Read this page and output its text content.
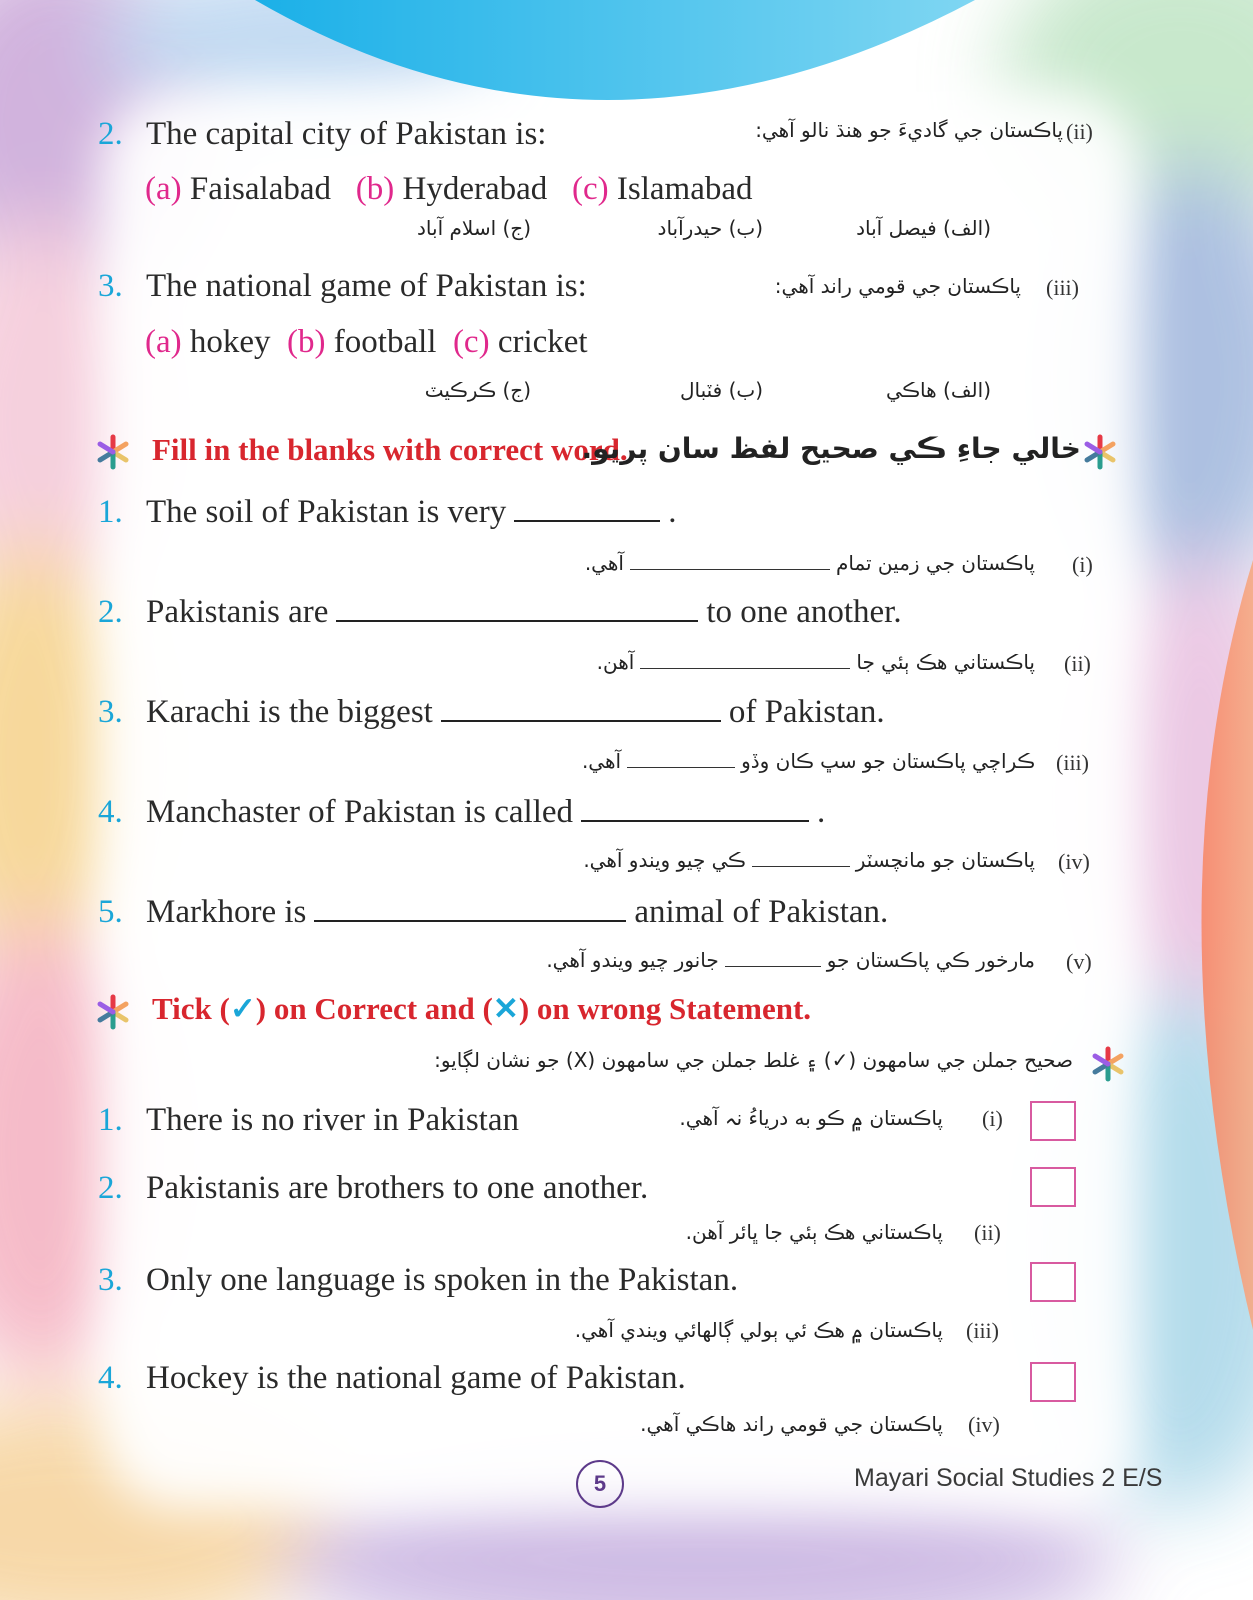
2. The capital city of Pakistan is:	پاڪستان جي گاديءَ جو هنڌ نالو آهي: (ii)
(a) Faisalabad (b) Hyderabad (c) Islamabad
(الف) فيصل آباد
(ب) حيدرآباد
(ج) اسلام آباد
3. The national game of Pakistan is:	پاڪستان جي قومي راند آهي: (iii)
(a) hokey (b) football (c) cricket
(الف) هاڪي
(ب) فٽبال
(ج) ڪرڪيٽ
Fill in the blanks with correct word.
خالي جاءِ ڪي صحيح لفظ سان پريو.
1. The soil of Pakistan is very	.
پاڪستان جي زمين تمامآهي.	(i)
2. Pakistanis are	to one another.
پاڪستاني هڪ ٻئي جاآهن.	(ii)
3. Karachi is the biggest	of Pakistan.
ڪراچي پاڪستان جو سڀ ڪان وڏوآهي.	(iii)
4. Manchaster of Pakistan is called	.
پاڪستان جو مانچسٽرڪي چيو ويندو آهي.	(iv)
5. Markhore is	animal of Pakistan.
مارخور ڪي پاڪستان جوجانور چيو ويندو آهي.	(v)
Tick (✓) on Correct and (✕) on wrong Statement.
صحيح جملن جي سامهون (✓) ۽ غلط جملن جي سامهون (X) جو نشان لڳايو:
1. There is no river in Pakistan	پاڪستان ۾ ڪو به درياءُ نہ آهي. (i)
2. Pakistanis are brothers to one another.
پاڪستاني هڪ ٻئي جا ڀائر آهن. (ii)
3. Only one language is spoken in the Pakistan.
پاڪستان ۾ هڪ ئي ٻولي ڳالهائي ويندي آهي. (iii)
4. Hockey is the national game of Pakistan.
پاڪستان جي قومي راند هاڪي آهي. (iv)
5	Mayari Social Studies 2 E/S
